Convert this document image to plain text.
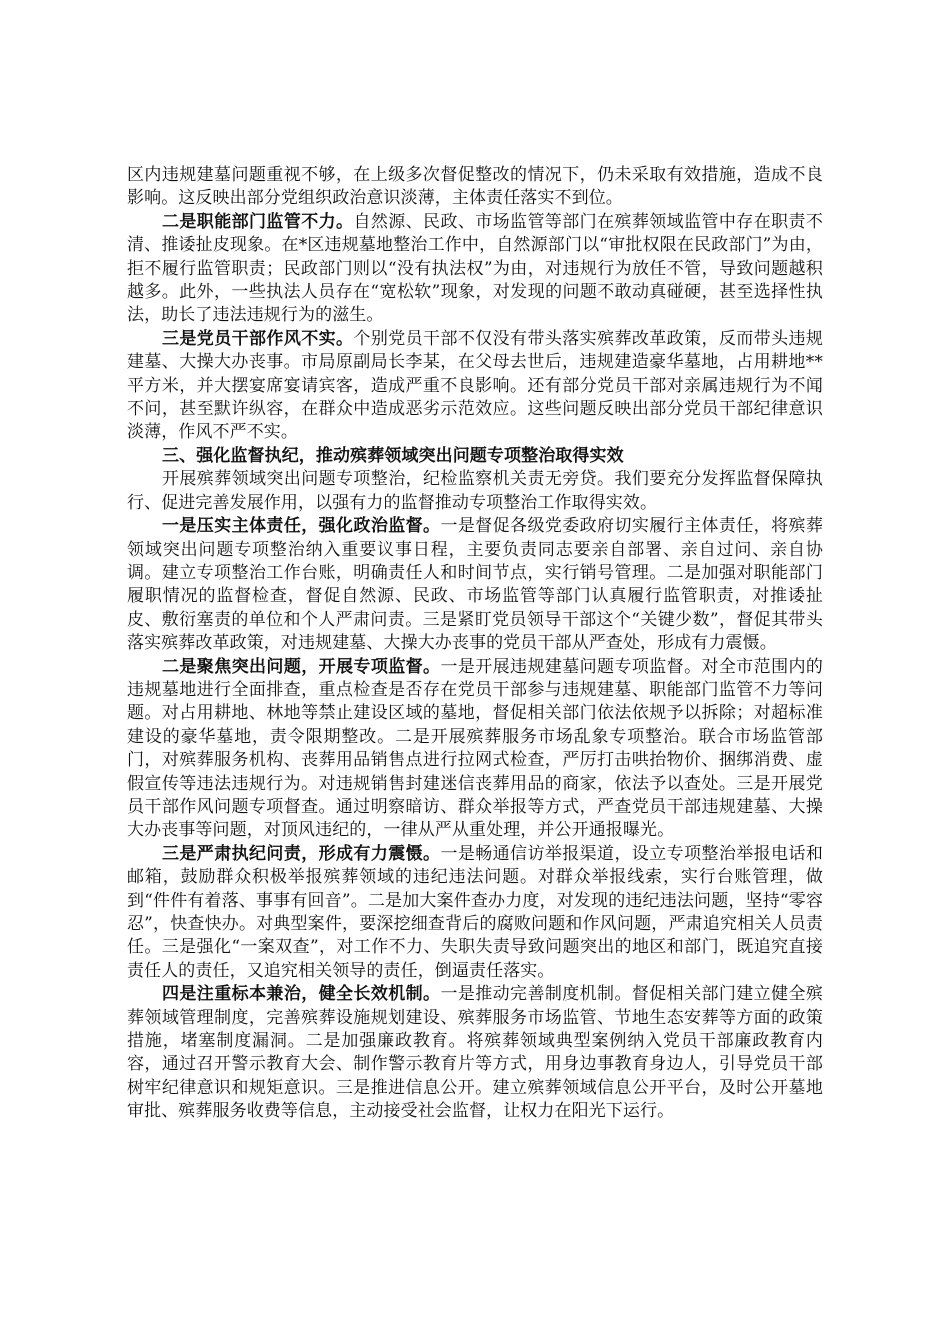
区内违规建墓问题重视不够，在上级多次督促整改的情况下，仍未采取有效措施，造成不良影响。这反映出部分党组织政治意识淡薄，主体责任落实不到位。

二是职能部门监管不力。自然源、民政、市场监管等部门在殡葬领域监管中存在职责不清、推诿扯皮现象。在*区违规墓地整治工作中，自然源部门以“审批权限在民政部门”为由，拒不履行监管职责；民政部门则以“没有执法权”为由，对违规行为放任不管，导致问题越积越多。此外，一些执法人员存在“宽松软”现象，对发现的问题不敢动真碰硬，甚至选择性执法，助长了违法违规行为的滋生。

三是党员干部作风不实。个别党员干部不仅没有带头落实殡葬改革政策，反而带头违规建墓、大操大办丧事。市局原副局长李某，在父母去世后，违规建造豪华墓地，占用耕地**平方米，并大摆宴席宴请宾客，造成严重不良影响。还有部分党员干部对亲属违规行为不闻不问，甚至默许纵容，在群众中造成恶劣示范效应。这些问题反映出部分党员干部纪律意识淡薄，作风不严不实。

三、强化监督执纪，推动殡葬领域突出问题专项整治取得实效

开展殡葬领域突出问题专项整治，纪检监察机关责无旁贷。我们要充分发挥监督保障执行、促进完善发展作用，以强有力的监督推动专项整治工作取得实效。

一是压实主体责任，强化政治监督。一是督促各级党委政府切实履行主体责任，将殡葬领域突出问题专项整治纳入重要议事日程，主要负责同志要亲自部署、亲自过问、亲自协调。建立专项整治工作台账，明确责任人和时间节点，实行销号管理。二是加强对职能部门履职情况的监督检查，督促自然源、民政、市场监管等部门认真履行监管职责，对推诿扯皮、敷衍塞责的单位和个人严肃问责。三是紧盯党员领导干部这个“关键少数”，督促其带头落实殡葬改革政策，对违规建墓、大操大办丧事的党员干部从严查处，形成有力震慑。

二是聚焦突出问题，开展专项监督。一是开展违规建墓问题专项监督。对全市范围内的违规墓地进行全面排查，重点检查是否存在党员干部参与违规建墓、职能部门监管不力等问题。对占用耕地、林地等禁止建设区域的墓地，督促相关部门依法依规予以拆除；对超标准建设的豪华墓地，责令限期整改。二是开展殡葬服务市场乱象专项整治。联合市场监管部门，对殡葬服务机构、丧葬用品销售点进行拉网式检查，严厉打击哄抬物价、捆绑消费、虚假宣传等违法违规行为。对违规销售封建迷信丧葬用品的商家，依法予以查处。三是开展党员干部作风问题专项督查。通过明察暗访、群众举报等方式，严查党员干部违规建墓、大操大办丧事等问题，对顶风违纪的，一律从严从重处理，并公开通报曝光。

三是严肃执纪问责，形成有力震慑。一是畅通信访举报渠道，设立专项整治举报电话和邮箱，鼓励群众积极举报殡葬领域的违纪违法问题。对群众举报线索，实行台账管理，做到“件件有着落、事事有回音”。二是加大案件查办力度，对发现的违纪违法问题，坚持“零容忍”，快查快办。对典型案件，要深挖细查背后的腐败问题和作风问题，严肃追究相关人员责任。三是强化“一案双查”，对工作不力、失职失责导致问题突出的地区和部门，既追究直接责任人的责任，又追究相关领导的责任，倒逼责任落实。

四是注重标本兼治，健全长效机制。一是推动完善制度机制。督促相关部门建立健全殡葬领域管理制度，完善殡葬设施规划建设、殡葬服务市场监管、节地生态安葬等方面的政策措施，堵塞制度漏洞。二是加强廉政教育。将殡葬领域典型案例纳入党员干部廉政教育内容，通过召开警示教育大会、制作警示教育片等方式，用身边事教育身边人，引导党员干部树牢纪律意识和规矩意识。三是推进信息公开。建立殡葬领域信息公开平台，及时公开墓地审批、殡葬服务收费等信息，主动接受社会监督，让权力在阳光下运行。
